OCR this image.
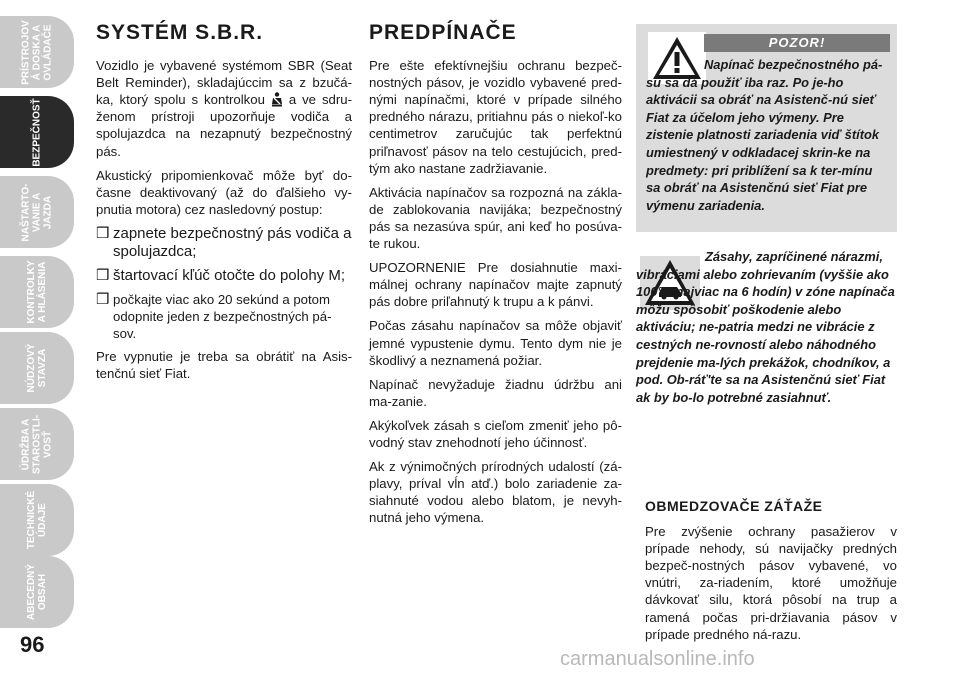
PRÍSTROJOV
Á DOSKA A
OVLÁDAČE
BEZPEČNOSŤ
NAŠTARTO-
VANIE A
JAZDA
KONTROLKY
A HLÁSENIA
NÚDZOVÝ
STAVZA
ÚDRŽBA A
STAROSTLI-
VOSŤ
TECHNICKÉ
ÚDAJE
ABECEDNÝ
OBSAH
96
SYSTÉM S.B.R.

Vozidlo je vybavené systémom SBR (Seat Belt Reminder), skladajúccim sa z bzučá-ka, ktorý spolu s kontrolkou a ve sdru-ženom prístroji upozorňuje vodiča a spolujazdca na nezapnutý bezpečnostný pás.

Akustický pripomienkovač môže byť do-časne deaktivovaný (až do ďalšieho vy-pnutia motora) cez nasledovný postup:

❒ zapnete bezpečnostný pás vodiča a spolujazdca;
❒ štartovací kľúč otočte do polohy M;
❒ počkajte viac ako 20 sekúnd a potom odopnite jeden z bezpečnostných pá-sov.

Pre vypnutie je treba sa obrátiť na Asis-tenčnú sieť Fiat.

PREDPÍNAČE

Pre ešte efektívnejšiu ochranu bezpeč-nostných pásov, je vozidlo vybavené pred-nými napínačmi, ktoré v prípade silného predného nárazu, pritiahnu pás o niekoľ-ko centimetrov zaručujúc tak perfektnú priľnavosť pásov na telo cestujúcich, pred-tým ako nastane zadržiavanie.

Aktivácia napínačov sa rozpozná na zákla-de zablokovania navijáka; bezpečnostný pás sa nezasúva spúr, ani keď ho posúva-te rukou.

UPOZORNENIE Pre dosiahnutie maxi-málnej ochrany napínačov majte zapnutý pás dobre priľahnutý k trupu a k pánvi.

Počas zásahu napínačov sa môže objaviť jemné vypustenie dymu. Tento dym nie je škodlivý a neznamená požiar.

Napínač nevyžaduje žiadnu údržbu ani ma-zanie.

Akýkoľvek zásah s cieľom zmeniť jeho pô-vodný stav znehodnotí jeho účinnosť.

Ak z výnimočných prírodných udalostí (zá-plavy, príval vĺn atď.) bolo zariadenie za-siahnuté vodou alebo blatom, je nevyh-nutná jeho výmena.

POZOR!
Napínač bezpečnostného pá-su sa dá použiť iba raz. Po je-ho aktivácii sa obráť na Asistenč-nú sieť Fiat za účelom jeho výmeny. Pre zistenie platnosti zariadenia viď štítok umiestnený v odkladacej skrin-ke na predmety: pri priblížení sa k ter-mínu sa obráť na Asistenčnú sieť Fiat pre výmenu zariadenia.
Zásahy, zapríčinené nárazmi, vibráciami alebo zohrievaním (vyššie ako 100°C najviac na 6 hodín) v zóne napínača môžu spôsobiť poškodenie alebo aktiváciu; ne-patria medzi ne vibrácie z cestných ne-rovností alebo náhodného prejdenie ma-lých prekážok, chodníkov, a pod. Ob-ráť'te sa na Asistenčnú sieť Fiat ak by bo-lo potrebné zasiahnuť.
OBMEDZOVAČE ZÁŤAŽE

Pre zvýšenie ochrany pasažierov v prípade nehody, sú navijačky predných bezpeč-nostných pásov vybavené, vo vnútri, za-riadením, ktoré umožňuje dávkovať silu, ktorá pôsobí na trup a ramená počas pri-držiavania pásov v prípade predného ná-razu.

carmanualsonline.info
